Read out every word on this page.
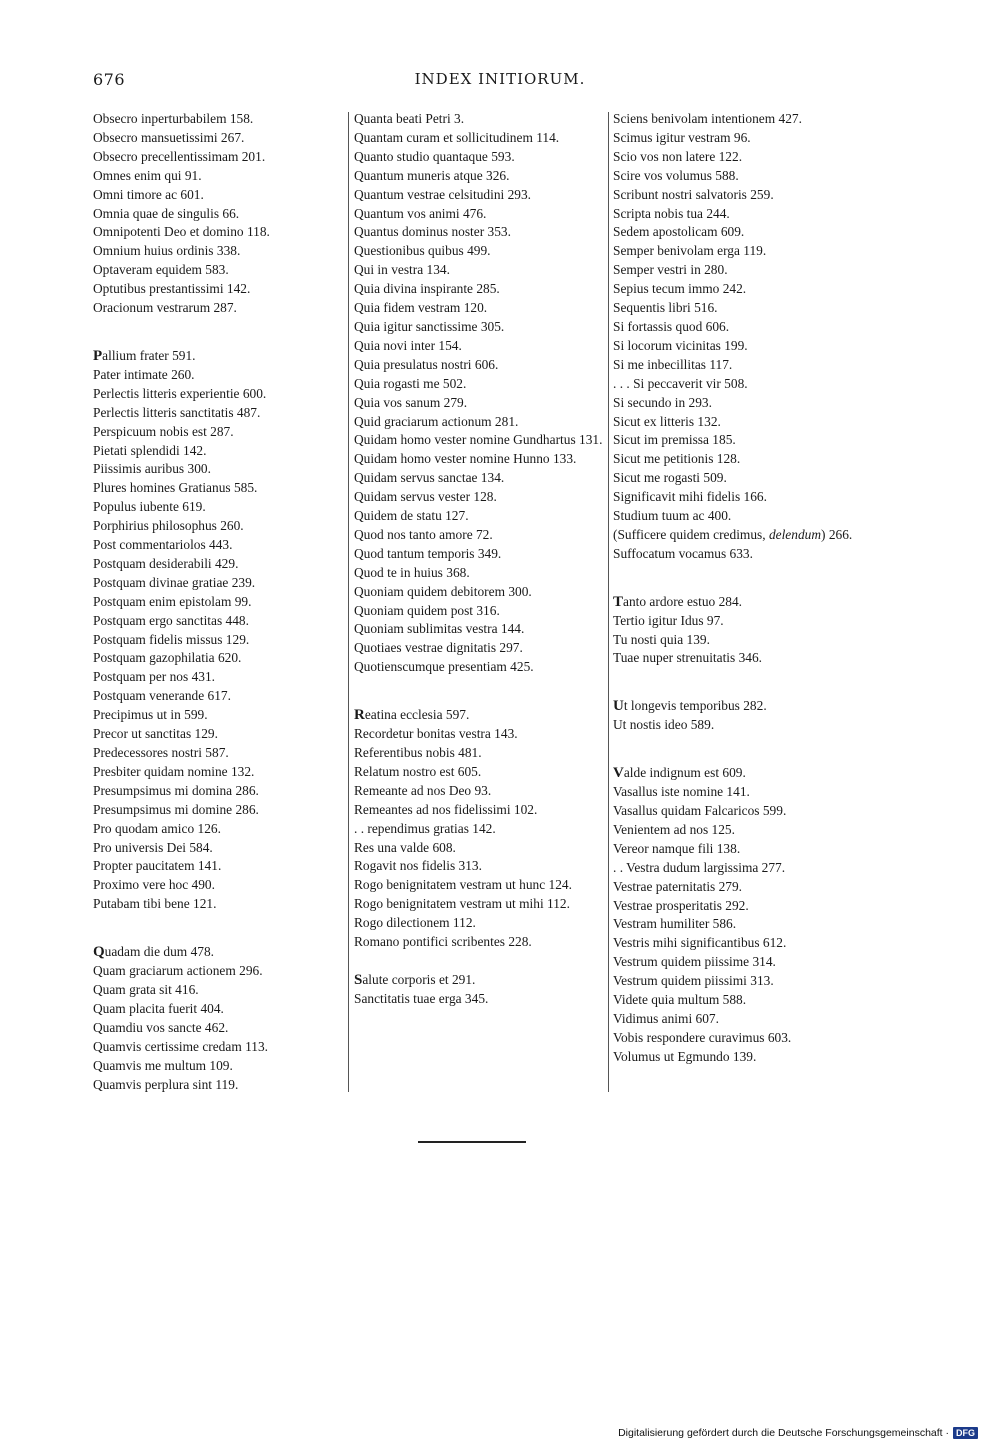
676	INDEX INITIORUM.

Obsecro inperturbabilem 158.

Obsecro mansuetissimi 267.

Obsecro precellentissimam 201.

Omnes enim qui 91.

Omni timore ac 601.

Omnia quae de singulis 66.

Omnipotenti Deo et domino 118.

Omnium huius ordinis 338.

Optaveram equidem 583.

Optutibus prestantissimi 142.

Oracionum vestrarum 287.

Pallium frater 591.

Pater intimate 260.

Perlectis litteris experientie 600.

Perlectis litteris sanctitatis 487.

Perspicuum nobis est 287.

Pietati splendidi 142.

Piissimis auribus 300.

Plures homines Gratianus 585.

Populus iubente 619.

Porphirius philosophus 260.

Post commentariolos 443.

Postquam desiderabili 429.

Postquam divinae gratiae 239.

Postquam enim epistolam 99.

Postquam ergo sanctitas 448.

Postquam fidelis missus 129.

Postquam gazophilatia 620.

Postquam per nos 431.

Postquam venerande 617.

Precipimus ut in 599.

Precor ut sanctitas 129.

Predecessores nostri 587.

Presbiter quidam nomine 132.

Presumpsimus mi domina 286.

Presumpsimus mi domine 286.

Pro quodam amico 126.

Pro universis Dei 584.

Propter paucitatem 141.

Proximo vere hoc 490.

Putabam tibi bene 121.

Quadam die dum 478.

Quam graciarum actionem 296.

Quam grata sit 416.

Quam placita fuerit 404.

Quamdiu vos sancte 462.

Quamvis certissime credam 113.

Quamvis me multum 109.

Quamvis perplura sint 119.

Quanta beati Petri 3.

Quantam curam et sollicitudinem 114.

Quanto studio quantaque 593.

Quantum muneris atque 326.

Quantum vestrae celsitudini 293.

Quantum vos animi 476.

Quantus dominus noster 353.

Questionibus quibus 499.

Qui in vestra 134.

Quia divina inspirante 285.

Quia fidem vestram 120.

Quia igitur sanctissime 305.

Quia novi inter 154.

Quia presulatus nostri 606.

Quia rogasti me 502.

Quia vos sanum 279.

Quid graciarum actionum 281.

Quidam homo vester nomine Gundhartus 131.

Quidam homo vester nomine Hunno 133.

Quidam servus sanctae 134.

Quidam servus vester 128.

Quidem de statu 127.

Quod nos tanto amore 72.

Quod tantum temporis 349.

Quod te in huius 368.

Quoniam quidem debitorem 300.

Quoniam quidem post 316.

Quoniam sublimitas vestra 144.

Quotiaes vestrae dignitatis 297.

Quotienscumque presentiam 425.

Reatina ecclesia 597.

Recordetur bonitas vestra 143.

Referentibus nobis 481.

Relatum nostro est 605.

Remeante ad nos Deo 93.

Remeantes ad nos fidelissimi 102.

. . rependimus gratias 142.

Res una valde 608.

Rogavit nos fidelis 313.

Rogo benignitatem vestram ut hunc 124.

Rogo benignitatem vestram ut mihi 112.

Rogo dilectionem 112.

Romano pontifici scribentes 228.

Salute corporis et 291.

Sanctitatis tuae erga 345.

Sciens benivolam intentionem 427.

Scimus igitur vestram 96.

Scio vos non latere 122.

Scire vos volumus 588.

Scribunt nostri salvatoris 259.

Scripta nobis tua 244.

Sedem apostolicam 609.

Semper benivolam erga 119.

Semper vestri in 280.

Sepius tecum immo 242.

Sequentis libri 516.

Si fortassis quod 606.

Si locorum vicinitas 199.

Si me inbecillitas 117.

. . . Si peccaverit vir 508.

Si secundo in 293.

Sicut ex litteris 132.

Sicut im premissa 185.

Sicut me petitionis 128.

Sicut me rogasti 509.

Significavit mihi fidelis 166.

Studium tuum ac 400.

(Sufficere quidem credimus, delendum) 266.

Suffocatum vocamus 633.

Tanto ardore estuo 284.

Tertio igitur Idus 97.

Tu nosti quia 139.

Tuae nuper strenuitatis 346.

Ut longevis temporibus 282.

Ut nostis ideo 589.

Valde indignum est 609.

Vasallus iste nomine 141.

Vasallus quidam Falcaricos 599.

Venientem ad nos 125.

Vereor namque fili 138.

. . Vestra dudum largissima 277.

Vestrae paternitatis 279.

Vestrae prosperitatis 292.

Vestram humiliter 586.

Vestris mihi significantibus 612.

Vestrum quidem piissime 314.

Vestrum quidem piissimi 313.

Videte quia multum 588.

Vidimus animi 607.

Vobis respondere curavimus 603.

Volumus ut Egmundo 139.

Digitalisierung gefördert durch die Deutsche Forschungsgemeinschaft · DFG
